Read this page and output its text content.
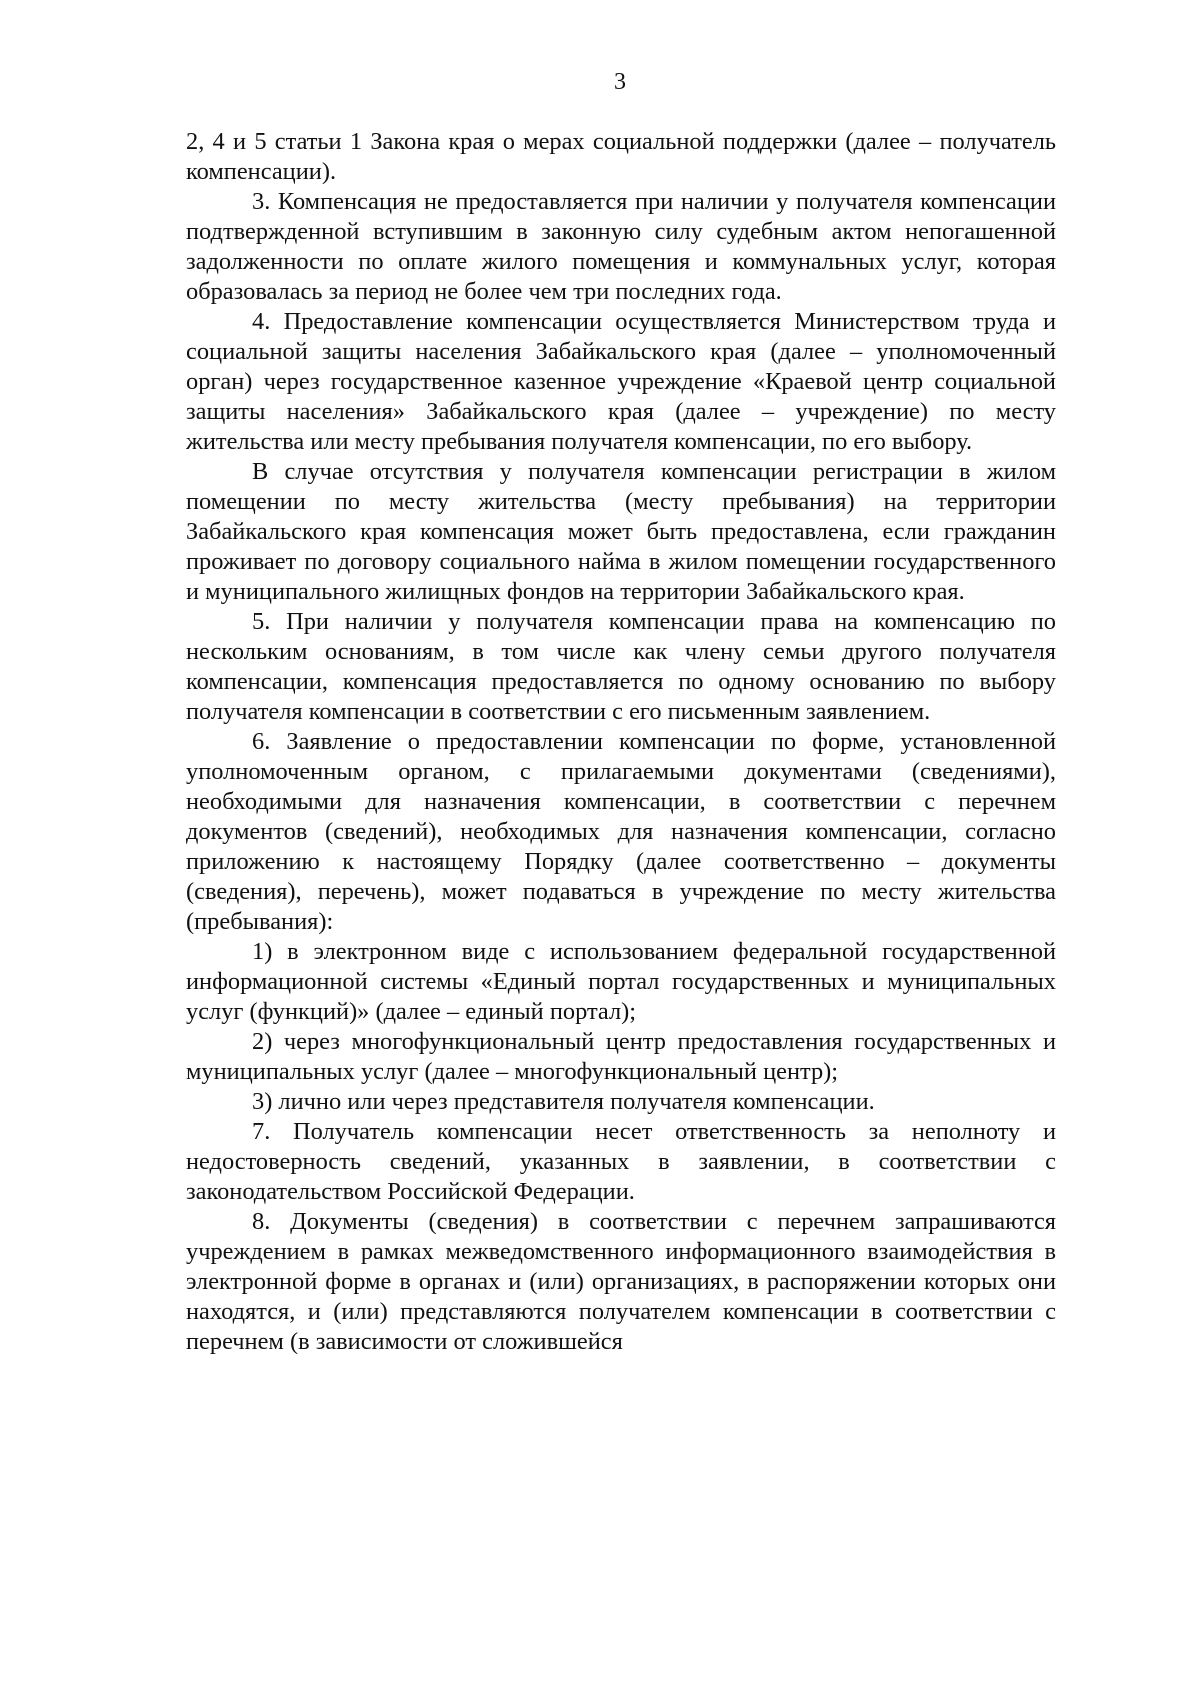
3

2, 4 и 5 статьи 1 Закона края о мерах социальной поддержки (далее – получатель компенсации).

3. Компенсация не предоставляется при наличии у получателя компенсации подтвержденной вступившим в законную силу судебным актом непогашенной задолженности по оплате жилого помещения и коммунальных услуг, которая образовалась за период не более чем три последних года.

4. Предоставление компенсации осуществляется Министерством труда и социальной защиты населения Забайкальского края (далее – уполномоченный орган) через государственное казенное учреждение «Краевой центр социальной защиты населения» Забайкальского края (далее – учреждение) по месту жительства или месту пребывания получателя компенсации, по его выбору.

В случае отсутствия у получателя компенсации регистрации в жилом помещении по месту жительства (месту пребывания) на территории Забайкальского края компенсация может быть предоставлена, если гражданин проживает по договору социального найма в жилом помещении государственного и муниципального жилищных фондов на территории Забайкальского края.

5. При наличии у получателя компенсации права на компенсацию по нескольким основаниям, в том числе как члену семьи другого получателя компенсации, компенсация предоставляется по одному основанию по выбору получателя компенсации в соответствии с его письменным заявлением.

6. Заявление о предоставлении компенсации по форме, установленной уполномоченным органом, с прилагаемыми документами (сведениями), необходимыми для назначения компенсации, в соответствии с перечнем документов (сведений), необходимых для назначения компенсации, согласно приложению к настоящему Порядку (далее соответственно – документы (сведения), перечень), может подаваться в учреждение по месту жительства (пребывания):

1) в электронном виде с использованием федеральной государственной информационной системы «Единый портал государственных и муниципальных услуг (функций)» (далее – единый портал);

2) через многофункциональный центр предоставления государственных и муниципальных услуг (далее – многофункциональный центр);

3) лично или через представителя получателя компенсации.

7. Получатель компенсации несет ответственность за неполноту и недостоверность сведений, указанных в заявлении, в соответствии с законодательством Российской Федерации.

8. Документы (сведения) в соответствии с перечнем запрашиваются учреждением в рамках межведомственного информационного взаимодействия в электронной форме в органах и (или) организациях, в распоряжении которых они находятся, и (или) представляются получателем компенсации в соответствии с перечнем (в зависимости от сложившейся
